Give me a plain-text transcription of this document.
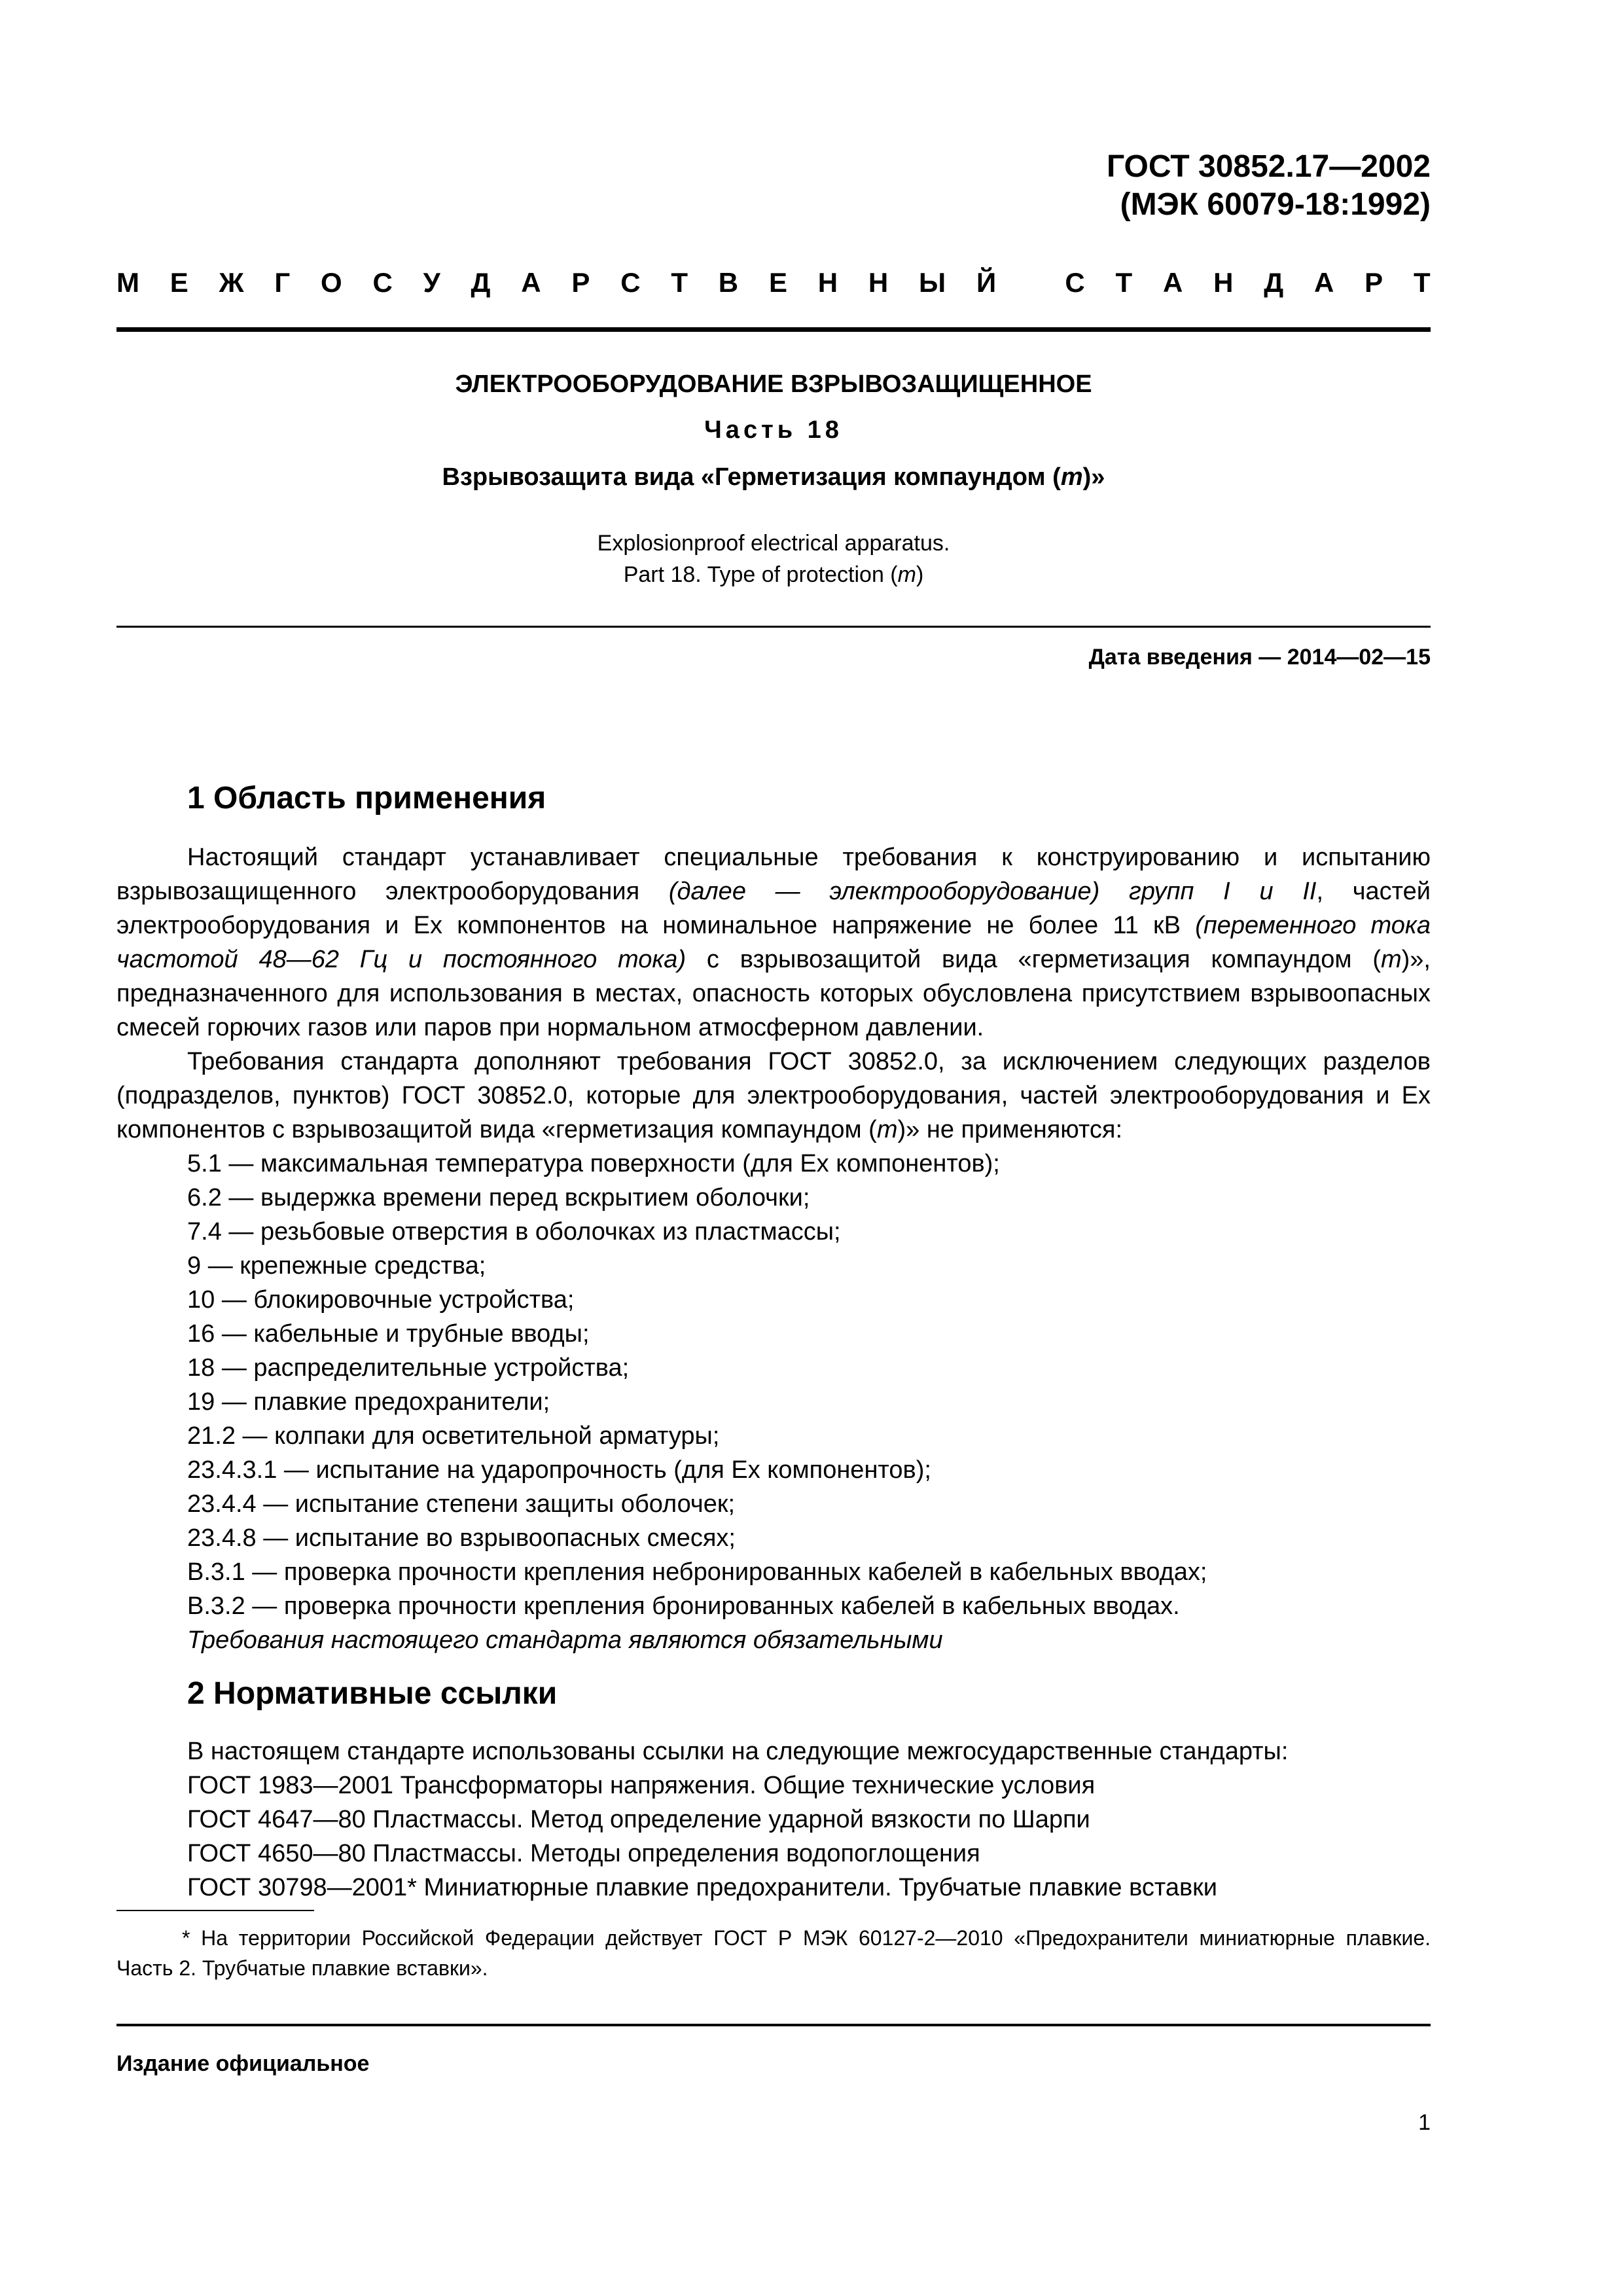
ГОСТ 30852.17—2002
(МЭК 60079-18:1992)
М Е Ж Г О С У Д А Р С Т В Е Н Н Ы Й
	С Т А Н Д А Р Т
ЭЛЕКТРООБОРУДОВАНИЕ ВЗРЫВОЗАЩИЩЕННОЕ
Часть 18
Взрывозащита вида «Герметизация компаундом (m)»
Explosionproof electrical apparatus.
Part 18. Type of protection (m)
Дата введения — 2014—02—15
1 Область применения
Настоящий стандарт устанавливает специальные требования к конструированию и испытанию взрывозащищенного электрооборудования (далее — электрооборудование) групп I и II, частей электрооборудования и Ex компонентов на номинальное напряжение не более 11 кВ (переменного тока частотой 48—62 Гц и постоянного тока) с взрывозащитой вида «герметизация компаундом (m)», предназначенного для использования в местах, опасность которых обусловлена присутствием взрывоопасных смесей горючих газов или паров при нормальном атмосферном давлении.
Требования стандарта дополняют требования ГОСТ 30852.0, за исключением следующих разделов (подразделов, пунктов) ГОСТ 30852.0, которые для электрооборудования, частей электрооборудования и Ex компонентов с взрывозащитой вида «герметизация компаундом (m)» не применяются:
5.1 — максимальная температура поверхности (для Ex компонентов);
6.2 — выдержка времени перед вскрытием оболочки;
7.4 — резьбовые отверстия в оболочках из пластмассы;
9 — крепежные средства;
10 — блокировочные устройства;
16 — кабельные и трубные вводы;
18 — распределительные устройства;
19 — плавкие предохранители;
21.2 — колпаки для осветительной арматуры;
23.4.3.1 — испытание на ударопрочность (для Ex компонентов);
23.4.4 — испытание степени защиты оболочек;
23.4.8 — испытание во взрывоопасных смесях;
В.3.1 — проверка прочности крепления небронированных кабелей в кабельных вводах;
В.3.2 — проверка прочности крепления бронированных кабелей в кабельных вводах.
Требования настоящего стандарта являются обязательными
2 Нормативные ссылки
В настоящем стандарте использованы ссылки на следующие межгосударственные стандарты:
ГОСТ 1983—2001 Трансформаторы напряжения. Общие технические условия
ГОСТ 4647—80 Пластмассы. Метод определение ударной вязкости по Шарпи
ГОСТ 4650—80 Пластмассы. Методы определения водопоглощения
ГОСТ 30798—2001* Миниатюрные плавкие предохранители. Трубчатые плавкие вставки
* На территории Российской Федерации действует ГОСТ Р МЭК 60127-2—2010 «Предохранители миниатюрные плавкие. Часть 2. Трубчатые плавкие вставки».
Издание официальное
1
